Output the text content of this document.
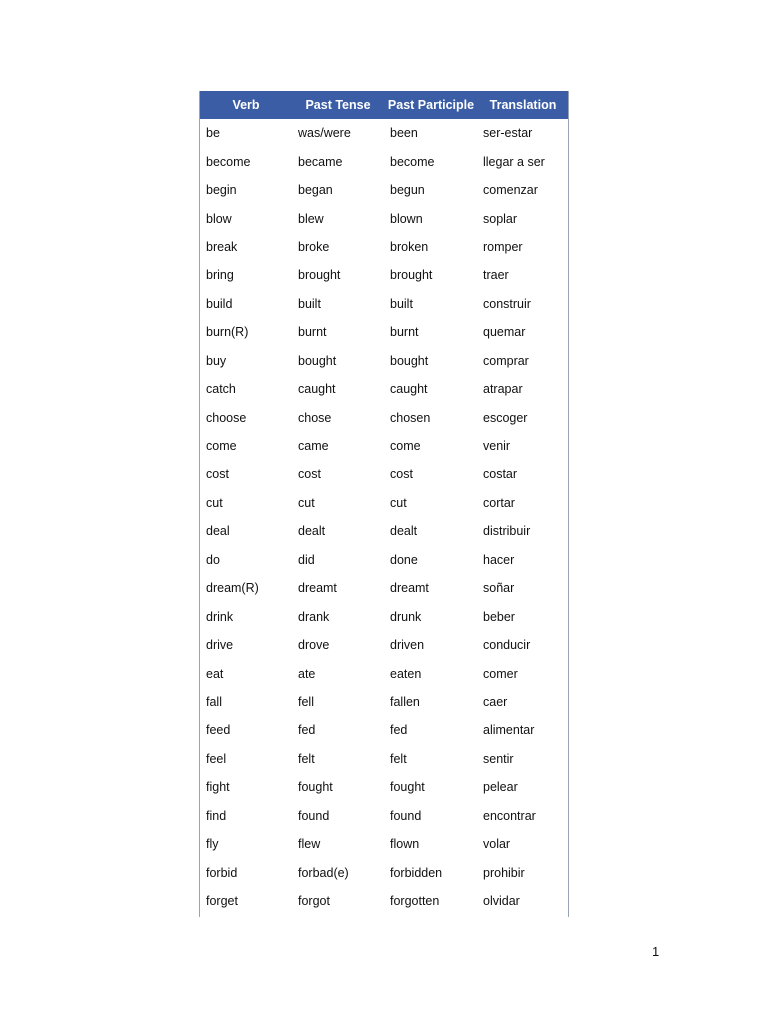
Verb	Past Tense	Past Participle	Translation
be	was/were	been	ser-estar
become	became	become	llegar a ser
begin	began	begun	comenzar
blow	blew	blown	soplar
break	broke	broken	romper
bring	brought	brought	traer
build	built	built	construir
burn(R)	burnt	burnt	quemar
buy	bought	bought	comprar
catch	caught	caught	atrapar
choose	chose	chosen	escoger
come	came	come	venir
cost	cost	cost	costar
cut	cut	cut	cortar
deal	dealt	dealt	distribuir
do	did	done	hacer
dream(R)	dreamt	dreamt	soñar
drink	drank	drunk	beber
drive	drove	driven	conducir
eat	ate	eaten	comer
fall	fell	fallen	caer
feed	fed	fed	alimentar
feel	felt	felt	sentir
fight	fought	fought	pelear
find	found	found	encontrar
fly	flew	flown	volar
forbid	forbad(e)	forbidden	prohibir
forget	forgot	forgotten	olvidar
1
